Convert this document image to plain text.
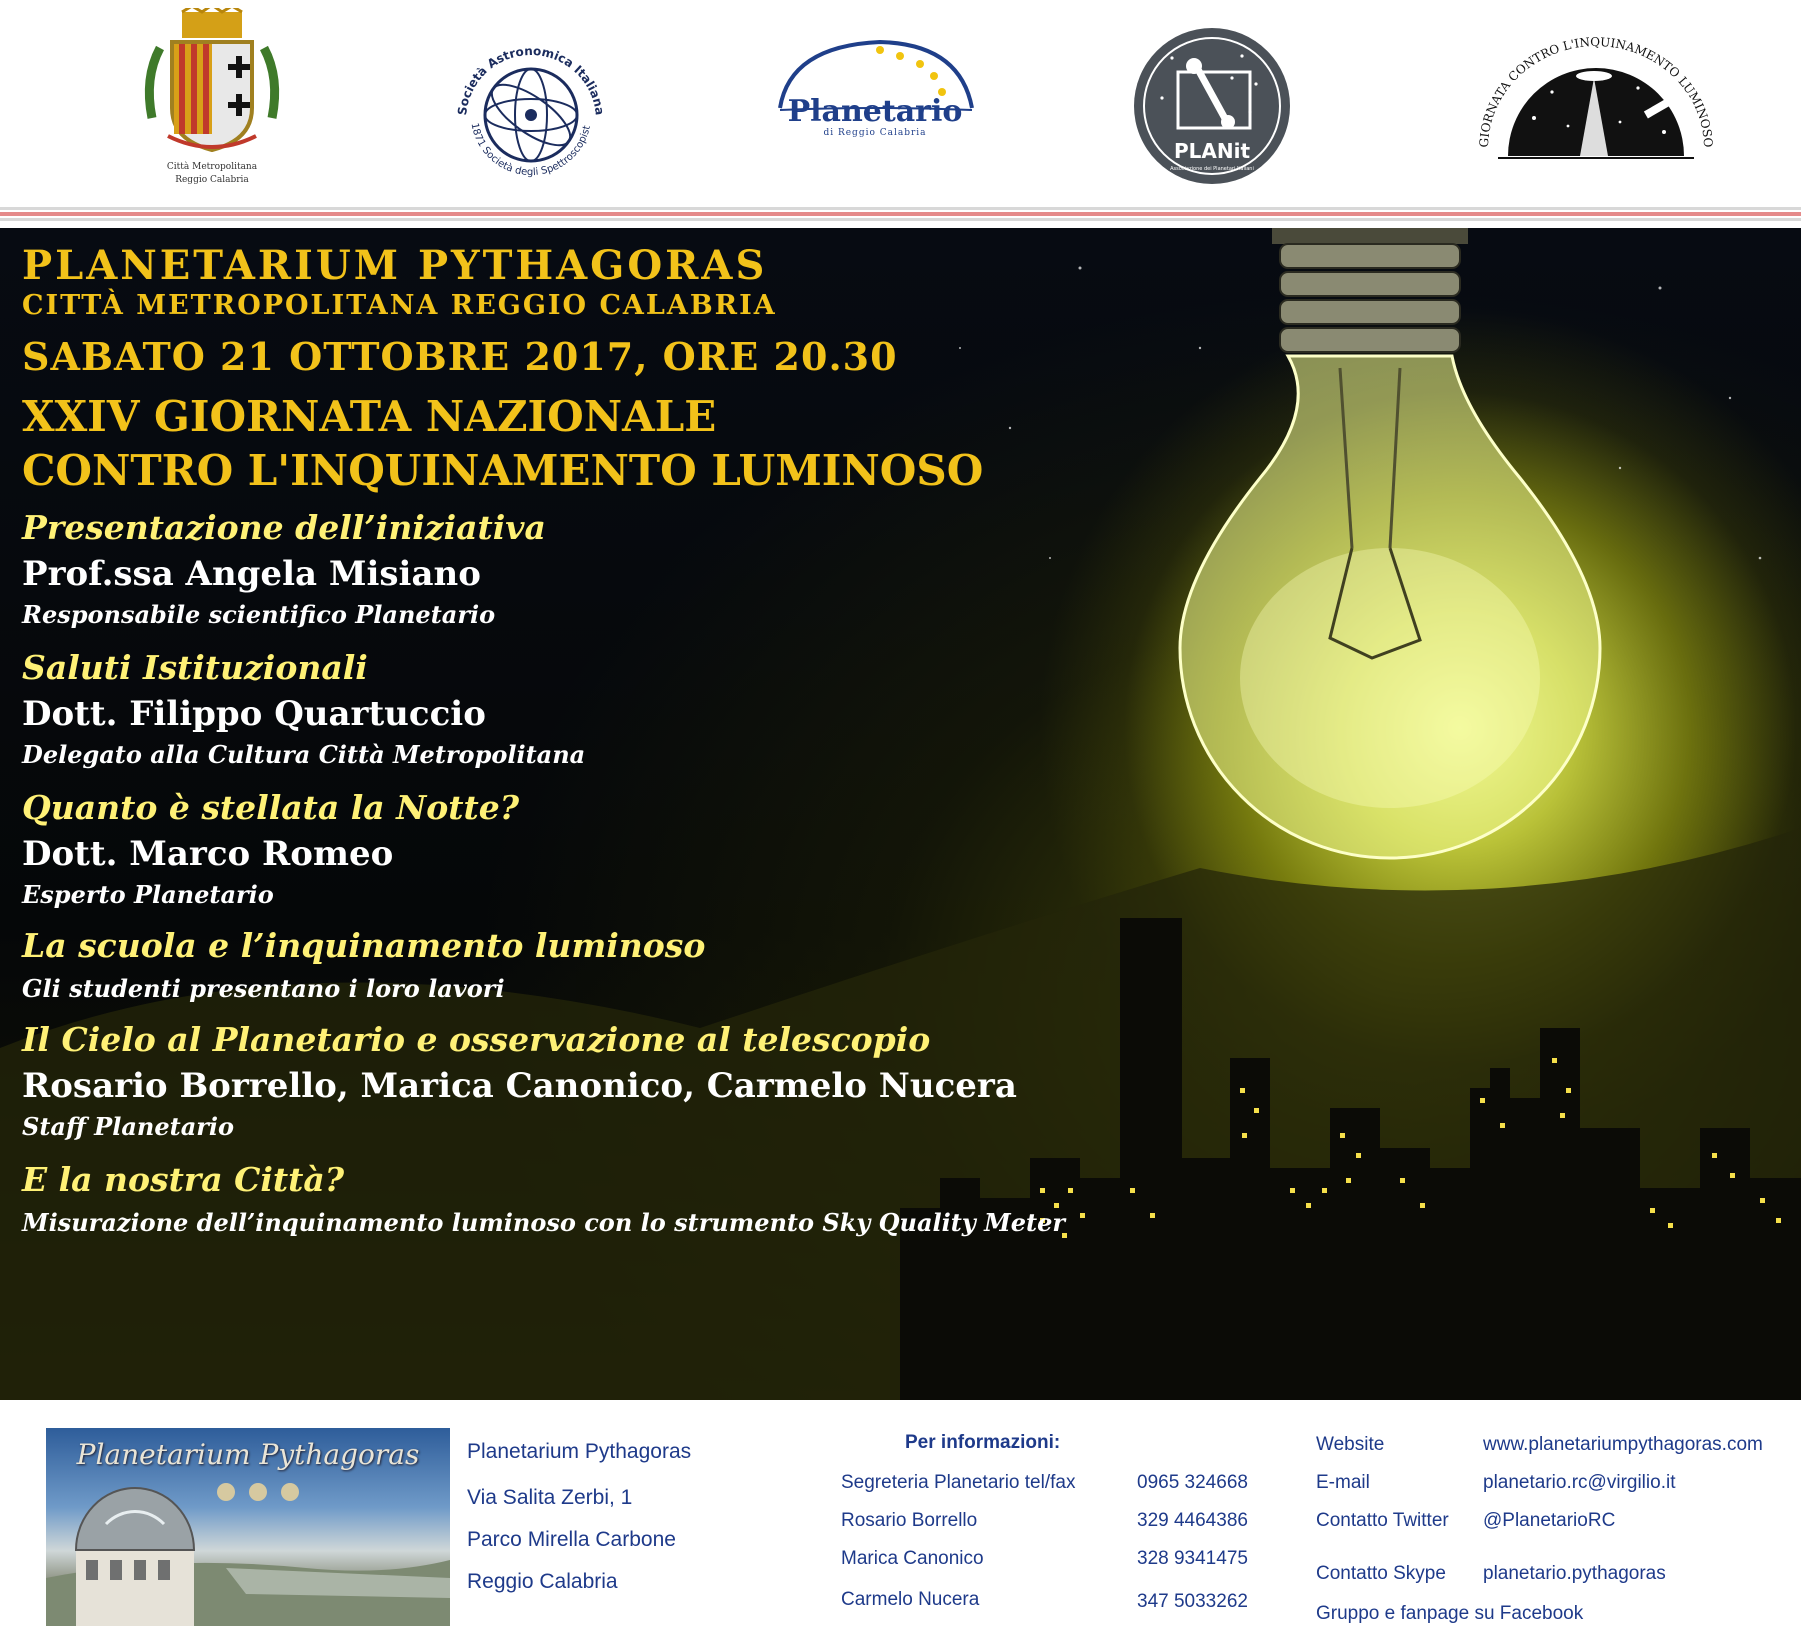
Città Metropolitana
Reggio Calabria
Società Astronomica Italiana
1871 Società degli Spettroscopist	Planetario
di Reggio Calabria
PLANit
Associazione dei Planetari Italiani
GIORNATA CONTRO L'INQUINAMENTO LUMINOSO
PLANETARIUM PYTHAGORAS
CITTÀ METROPOLITANA REGGIO CALABRIA
SABATO 21 OTTOBRE 2017, ORE 20.30
XXIV GIORNATA NAZIONALE
CONTRO L'INQUINAMENTO LUMINOSO
Presentazione dell’iniziativa
Prof.ssa Angela Misiano
Responsabile scientifico Planetario
Saluti Istituzionali
Dott. Filippo Quartuccio
Delegato alla Cultura Città Metropolitana
Quanto è stellata la Notte?
Dott. Marco Romeo
Esperto Planetario
La scuola e l’inquinamento luminoso
Gli studenti presentano i loro lavori
Il Cielo al Planetario e osservazione al telescopio
Rosario Borrello, Marica Canonico, Carmelo Nucera
Staff Planetario
E la nostra Città?
Misurazione dell’inquinamento luminoso con lo strumento Sky Quality Meter
Planetarium Pythagoras	Planetarium Pythagoras
Via Salita Zerbi, 1
Parco Mirella Carbone
Reggio Calabria
Per informazioni:
Segreteria Planetario tel/fax	0965 324668
Rosario Borrello	329 4464386
Marica Canonico	328 9341475
Carmelo Nucera	347 5033262
Website	www.planetariumpythagoras.com
E-mail	planetario.rc@virgilio.it
Contatto Twitter @PlanetarioRC
Contatto Skype planetario.pythagoras
Gruppo e fanpage su Facebook
